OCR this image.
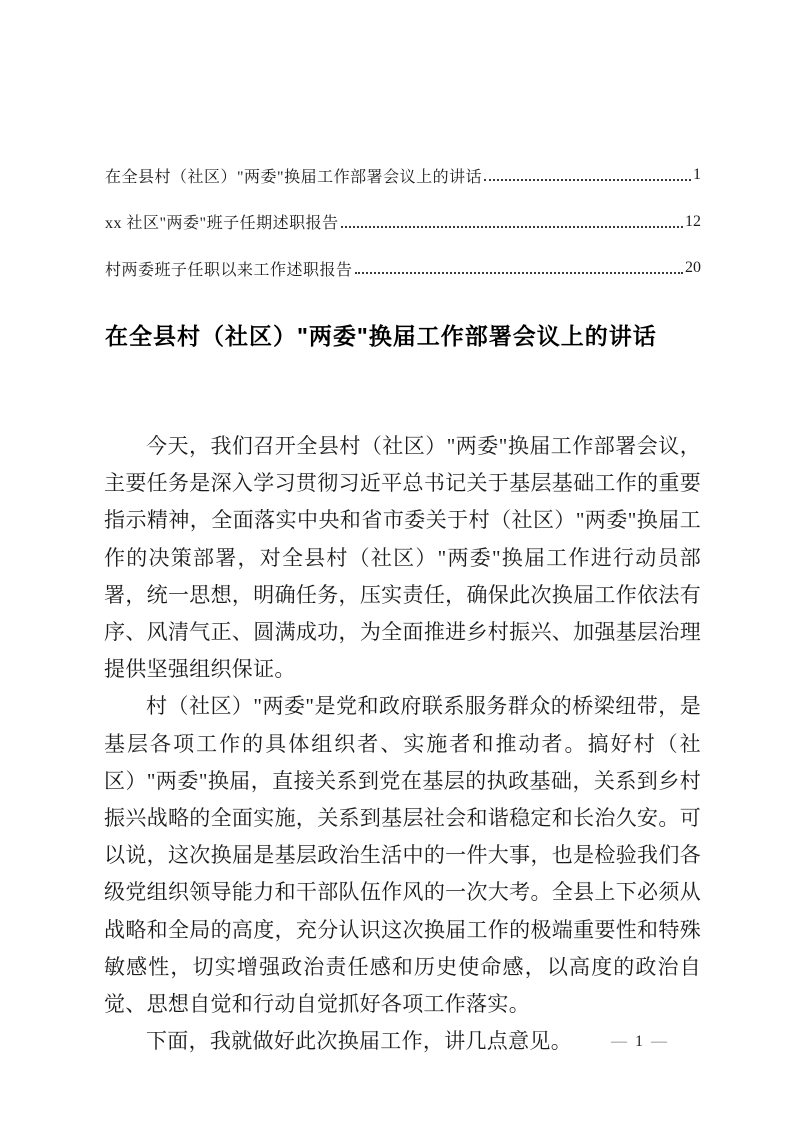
在全县村（社区）"两委"换届工作部署会议上的讲话	1
xx 社区"两委"班子任期述职报告	12
村两委班子任职以来工作述职报告	20
在全县村（社区）"两委"换届工作部署会议上的讲话

今天，我们召开全县村（社区）"两委"换届工作部署会议，主要任务是深入学习贯彻习近平总书记关于基层基础工作的重要指示精神，全面落实中央和省市委关于村（社区）"两委"换届工作的决策部署，对全县村（社区）"两委"换届工作进行动员部署，统一思想，明确任务，压实责任，确保此次换届工作依法有序、风清气正、圆满成功，为全面推进乡村振兴、加强基层治理提供坚强组织保证。

村（社区）"两委"是党和政府联系服务群众的桥梁纽带，是基层各项工作的具体组织者、实施者和推动者。搞好村（社区）"两委"换届，直接关系到党在基层的执政基础，关系到乡村振兴战略的全面实施，关系到基层社会和谐稳定和长治久安。可以说，这次换届是基层政治生活中的一件大事，也是检验我们各级党组织领导能力和干部队伍作风的一次大考。全县上下必须从战略和全局的高度，充分认识这次换届工作的极端重要性和特殊敏感性，切实增强政治责任感和历史使命感，以高度的政治自觉、思想自觉和行动自觉抓好各项工作落实。

下面，我就做好此次换届工作，讲几点意见。	— 1 —
